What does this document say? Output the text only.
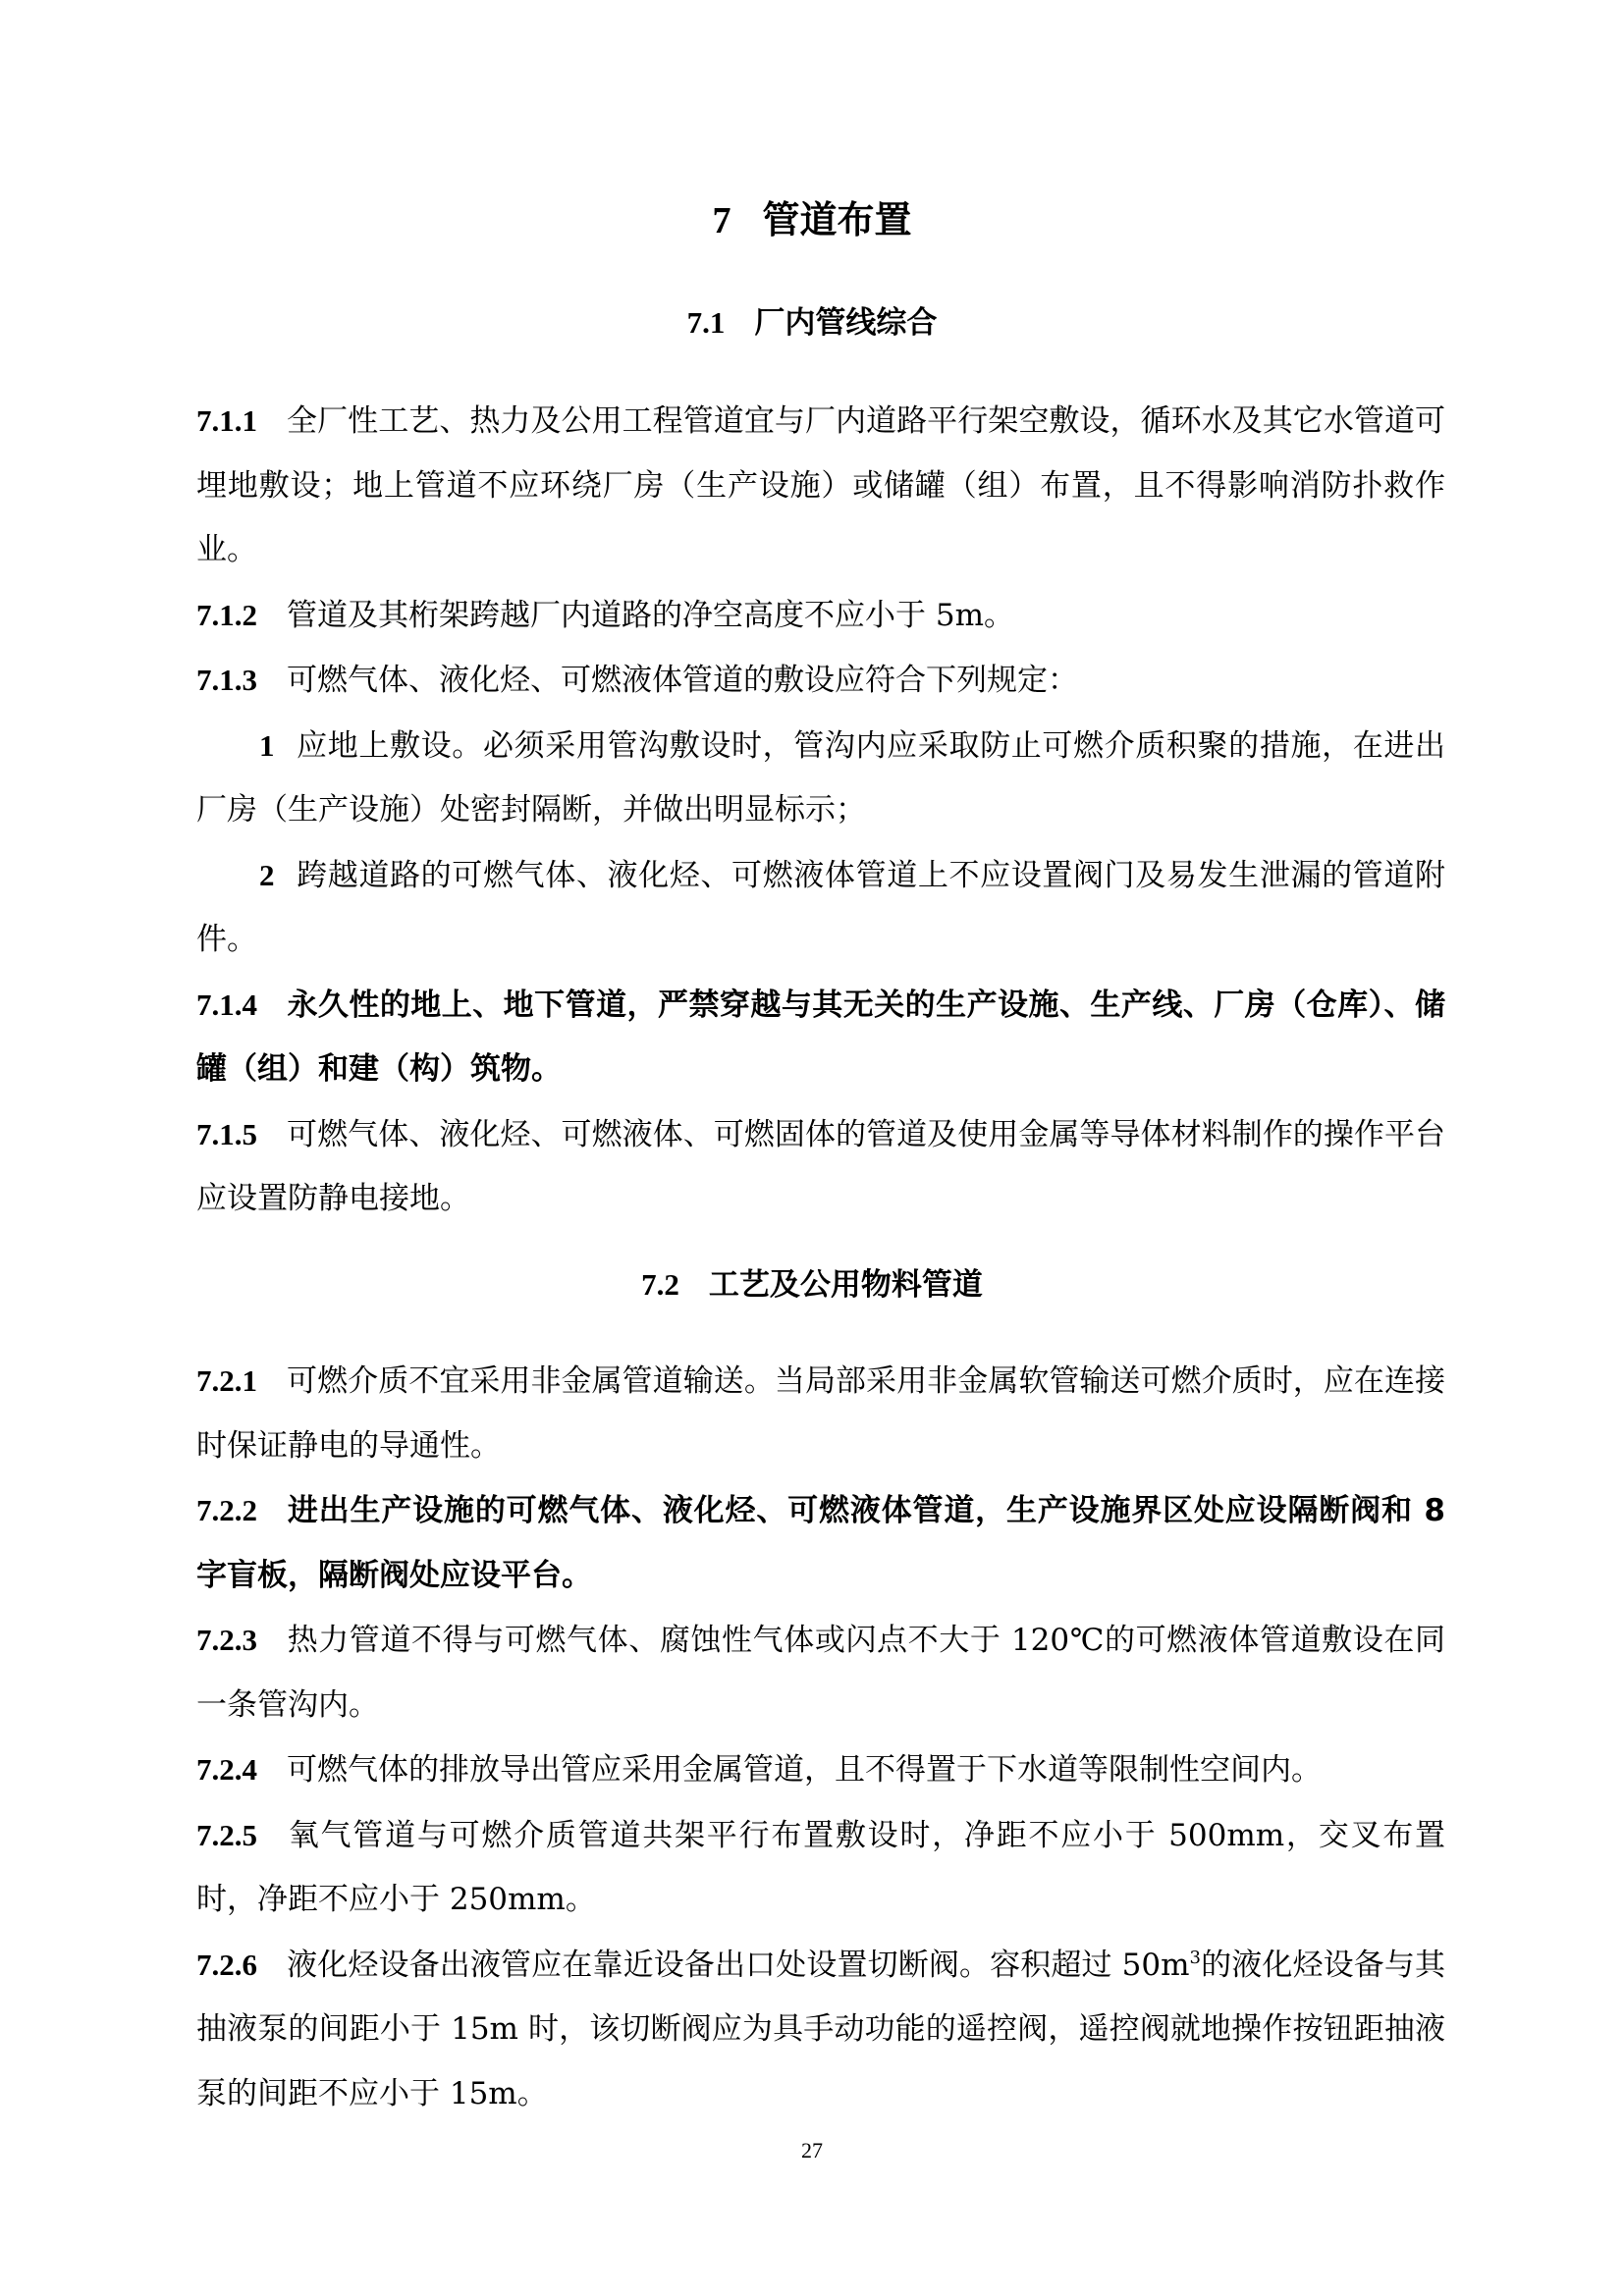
7 管道布置
7.1 厂内管线综合

7.1.1 全厂性工艺、热力及公用工程管道宜与厂内道路平行架空敷设，循环水及其它水管道可埋地敷设；地上管道不应环绕厂房（生产设施）或储罐（组）布置，且不得影响消防扑救作业。

7.1.2 管道及其桁架跨越厂内道路的净空高度不应小于 5m。

7.1.3 可燃气体、液化烃、可燃液体管道的敷设应符合下列规定：

1 应地上敷设。必须采用管沟敷设时，管沟内应采取防止可燃介质积聚的措施，在进出厂房（生产设施）处密封隔断，并做出明显标示；

2 跨越道路的可燃气体、液化烃、可燃液体管道上不应设置阀门及易发生泄漏的管道附件。

7.1.4 永久性的地上、地下管道，严禁穿越与其无关的生产设施、生产线、厂房（仓库）、储罐（组）和建（构）筑物。

7.1.5 可燃气体、液化烃、可燃液体、可燃固体的管道及使用金属等导体材料制作的操作平台应设置防静电接地。

7.2 工艺及公用物料管道

7.2.1 可燃介质不宜采用非金属管道输送。当局部采用非金属软管输送可燃介质时，应在连接时保证静电的导通性。

7.2.2 进出生产设施的可燃气体、液化烃、可燃液体管道，生产设施界区处应设隔断阀和 8 字盲板，隔断阀处应设平台。

7.2.3 热力管道不得与可燃气体、腐蚀性气体或闪点不大于 120℃的可燃液体管道敷设在同一条管沟内。

7.2.4 可燃气体的排放导出管应采用金属管道，且不得置于下水道等限制性空间内。

7.2.5 氧气管道与可燃介质管道共架平行布置敷设时，净距不应小于 500mm，交叉布置时，净距不应小于 250mm。

7.2.6 液化烃设备出液管应在靠近设备出口处设置切断阀。容积超过 $50m^3$的液化烃设备与其抽液泵的间距小于 15m 时，该切断阀应为具手动功能的遥控阀，遥控阀就地操作按钮距抽液泵的间距不应小于 15m。

27
